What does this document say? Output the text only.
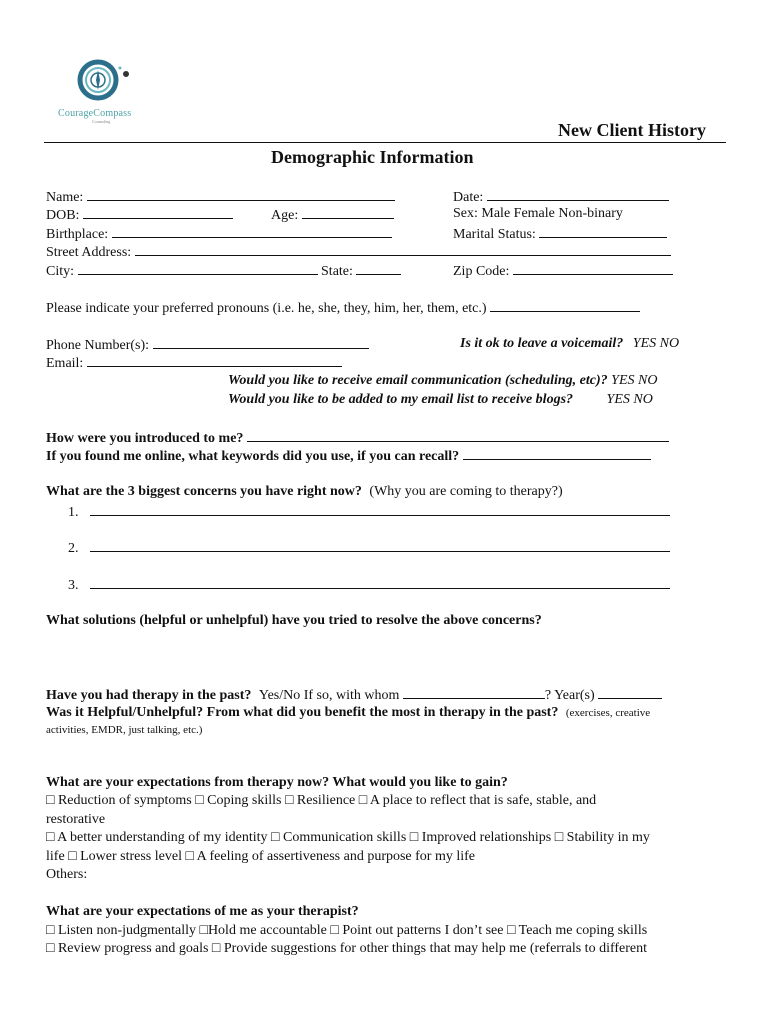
CourageCompass
Counseling	New Client History
Demographic Information
Name:	Date:
DOB:	Age:	Sex: Male Female Non-binary
Birthplace:	Marital Status:
Street Address:
City:	State:	Zip Code:
Please indicate your preferred pronouns (i.e. he, she, they, him, her, them, etc.)
Phone Number(s):	Is it ok to leave a voicemail? YES NO
Email:
Would you like to receive email communication (scheduling, etc)? YES NO
Would you like to be added to my email list to receive blogs? YES NO
How were you introduced to me?
If you found me online, what keywords did you use, if you can recall?
What are the 3 biggest concerns you have right now? (Why you are coming to therapy?)
1.
2.
3.
What solutions (helpful or unhelpful) have you tried to resolve the above concerns?
Have you had therapy in the past? Yes/No If so, with whom	? Year(s)
Was it Helpful/Unhelpful? From what did you benefit the most in therapy in the past? (exercises, creative
activities, EMDR, just talking, etc.)
What are your expectations from therapy now? What would you like to gain?
□ Reduction of symptoms □ Coping skills □ Resilience □ A place to reflect that is safe, stable, and
restorative
□ A better understanding of my identity □ Communication skills □ Improved relationships □ Stability in my
life □ Lower stress level □ A feeling of assertiveness and purpose for my life
Others:
What are your expectations of me as your therapist?
□ Listen non-judgmentally □Hold me accountable □ Point out patterns I don’t see □ Teach me coping skills
□ Review progress and goals □ Provide suggestions for other things that may help me (referrals to different
